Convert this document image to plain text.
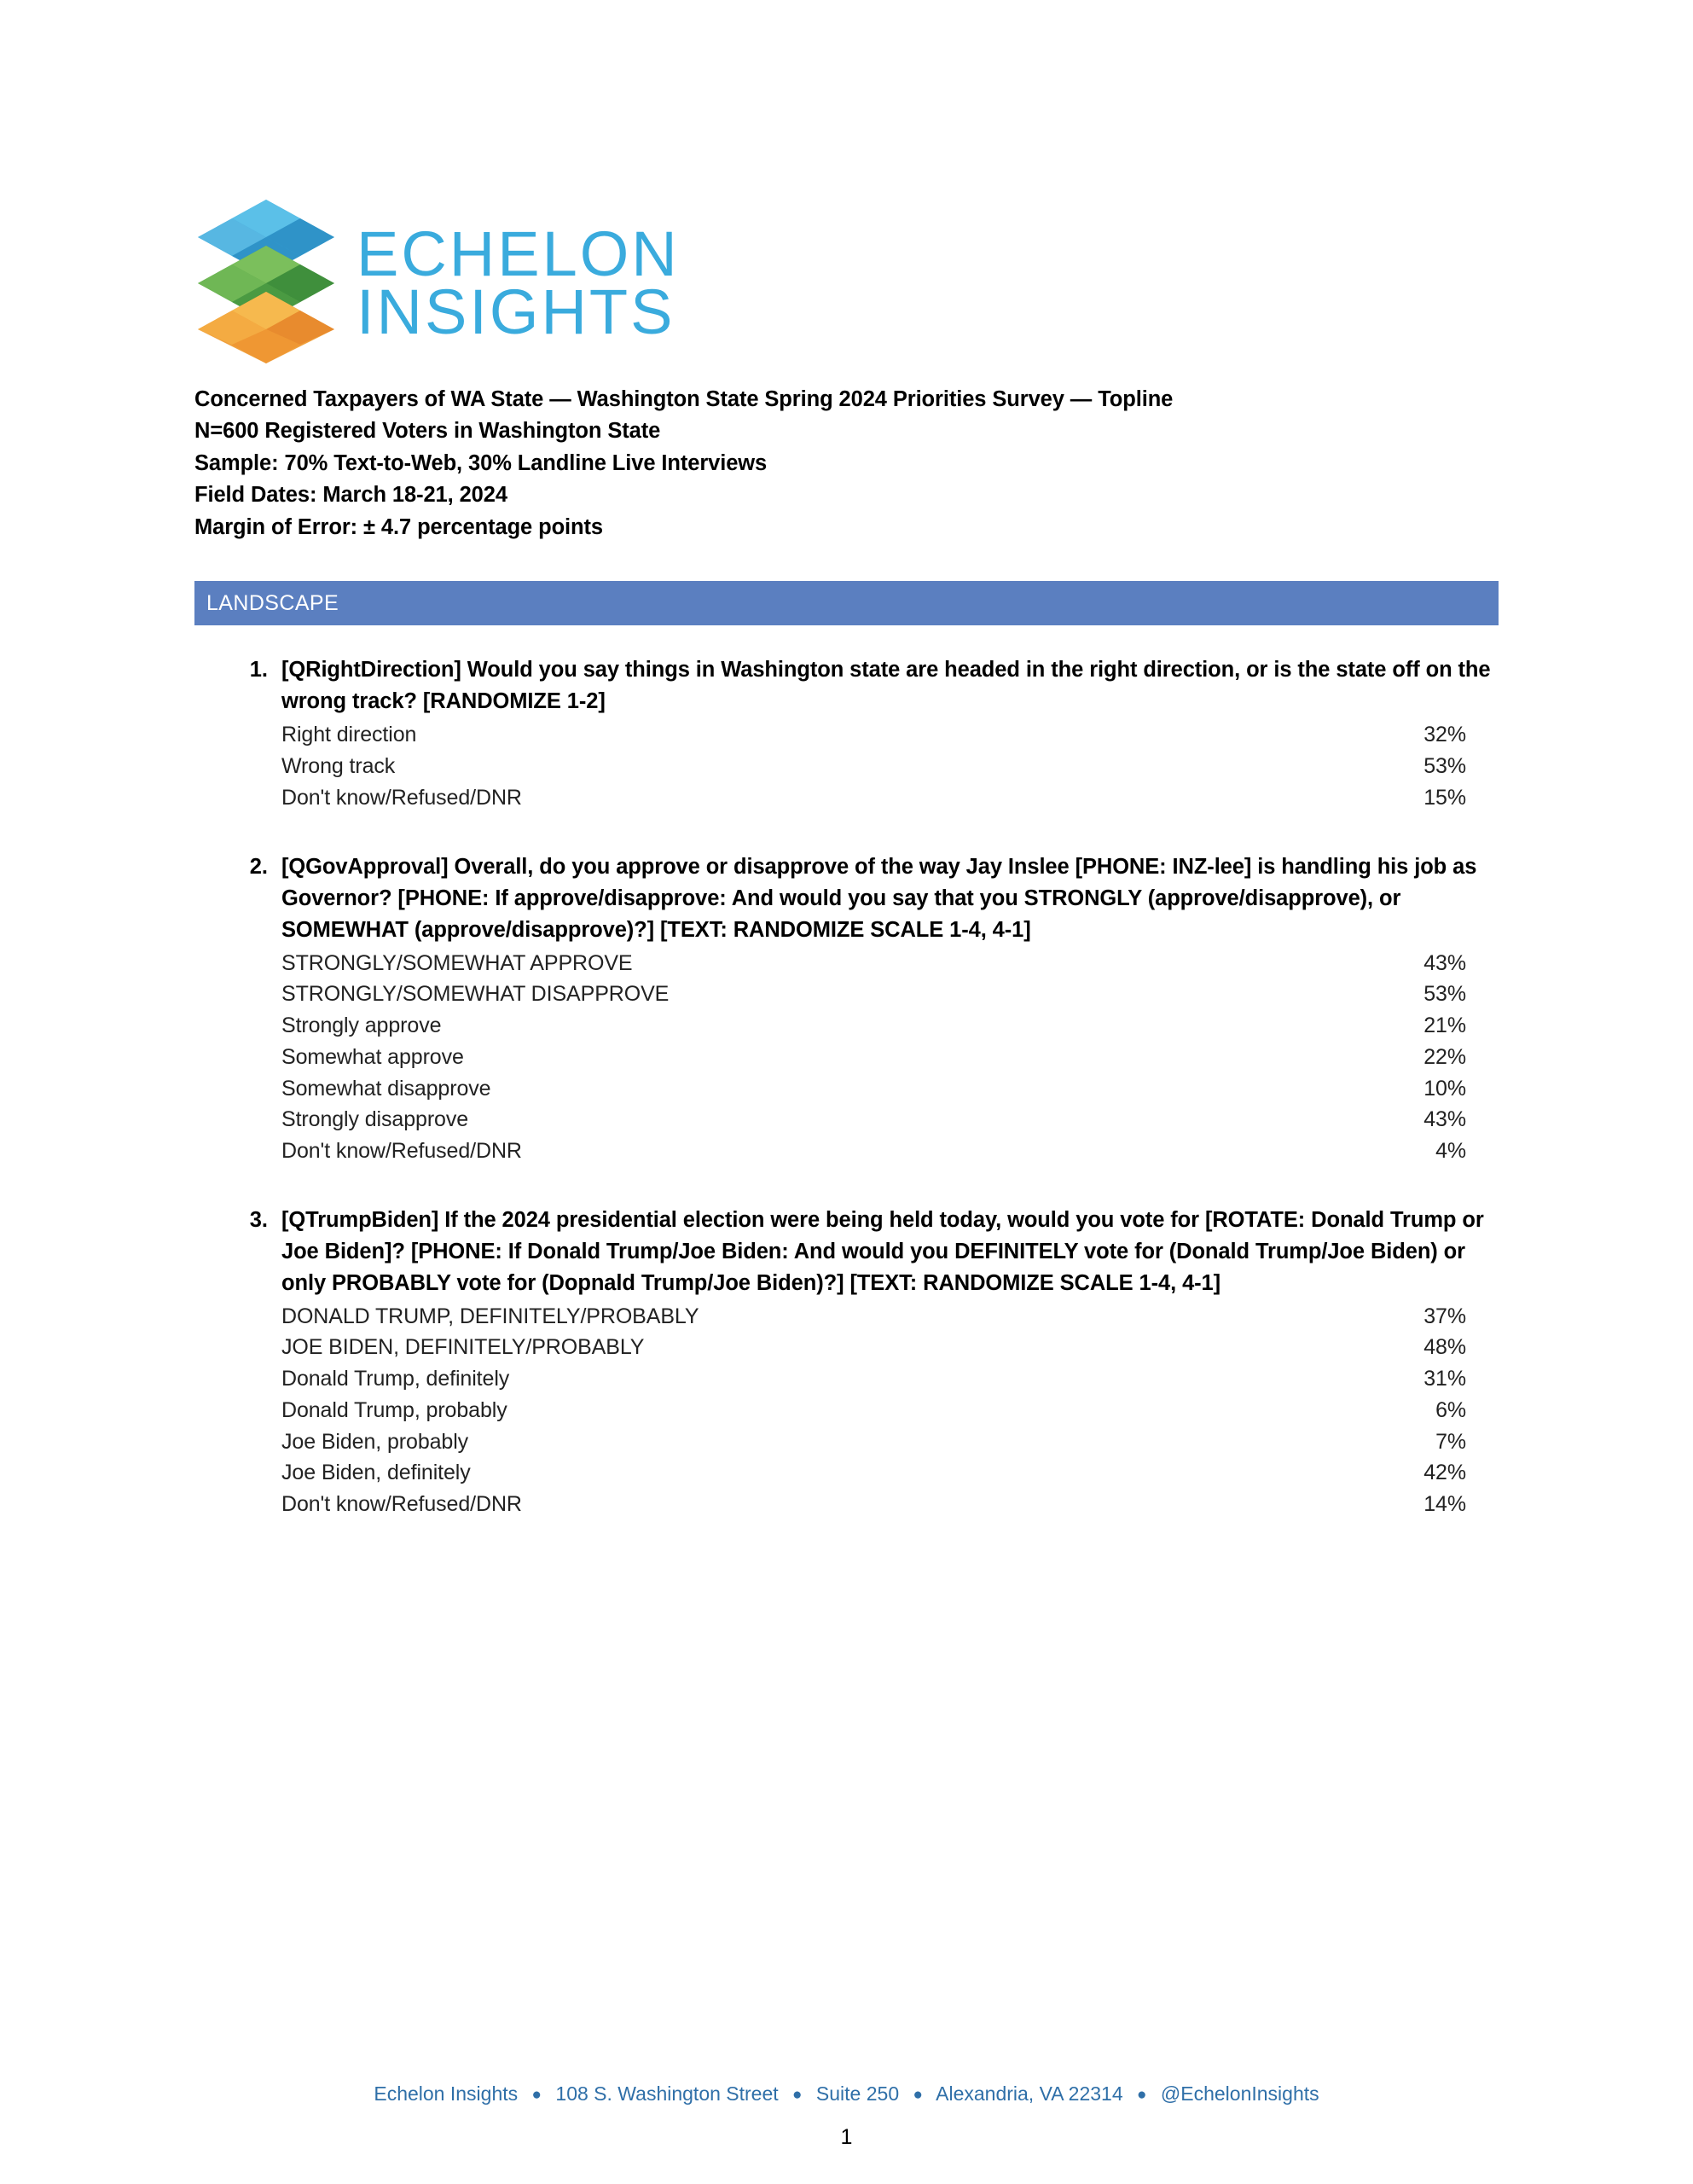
ECHELON
INSIGHTS
Concerned Taxpayers of WA State — Washington State Spring 2024 Priorities Survey — Topline
N=600 Registered Voters in Washington State
Sample: 70% Text-to-Web, 30% Landline Live Interviews
Field Dates: March 18-21, 2024
Margin of Error: ± 4.7 percentage points
LANDSCAPE
1. [QRightDirection] Would you say things in Washington state are headed in the right direction, or is the state off on the wrong track? [RANDOMIZE 1-2]
Right direction	32%
Wrong track	53%
Don't know/Refused/DNR	15%
2. [QGovApproval] Overall, do you approve or disapprove of the way Jay Inslee [PHONE: INZ-lee] is handling his job as Governor? [PHONE: If approve/disapprove: And would you say that you STRONGLY (approve/disapprove), or SOMEWHAT (approve/disapprove)?] [TEXT: RANDOMIZE SCALE 1-4, 4-1]
STRONGLY/SOMEWHAT APPROVE	43%
STRONGLY/SOMEWHAT DISAPPROVE	53%
Strongly approve	21%
Somewhat approve	22%
Somewhat disapprove	10%
Strongly disapprove	43%
Don't know/Refused/DNR	4%
3. [QTrumpBiden] If the 2024 presidential election were being held today, would you vote for [ROTATE: Donald Trump or Joe Biden]? [PHONE: If Donald Trump/Joe Biden: And would you DEFINITELY vote for (Donald Trump/Joe Biden) or only PROBABLY vote for (Dopnald Trump/Joe Biden)?] [TEXT: RANDOMIZE SCALE 1-4, 4-1]
DONALD TRUMP, DEFINITELY/PROBABLY	37%
JOE BIDEN, DEFINITELY/PROBABLY	48%
Donald Trump, definitely	31%
Donald Trump, probably	6%
Joe Biden, probably	7%
Joe Biden, definitely	42%
Don't know/Refused/DNR	14%
Echelon Insights ● 108 S. Washington Street ● Suite 250 ● Alexandria, VA 22314 ● @EchelonInsights
1
